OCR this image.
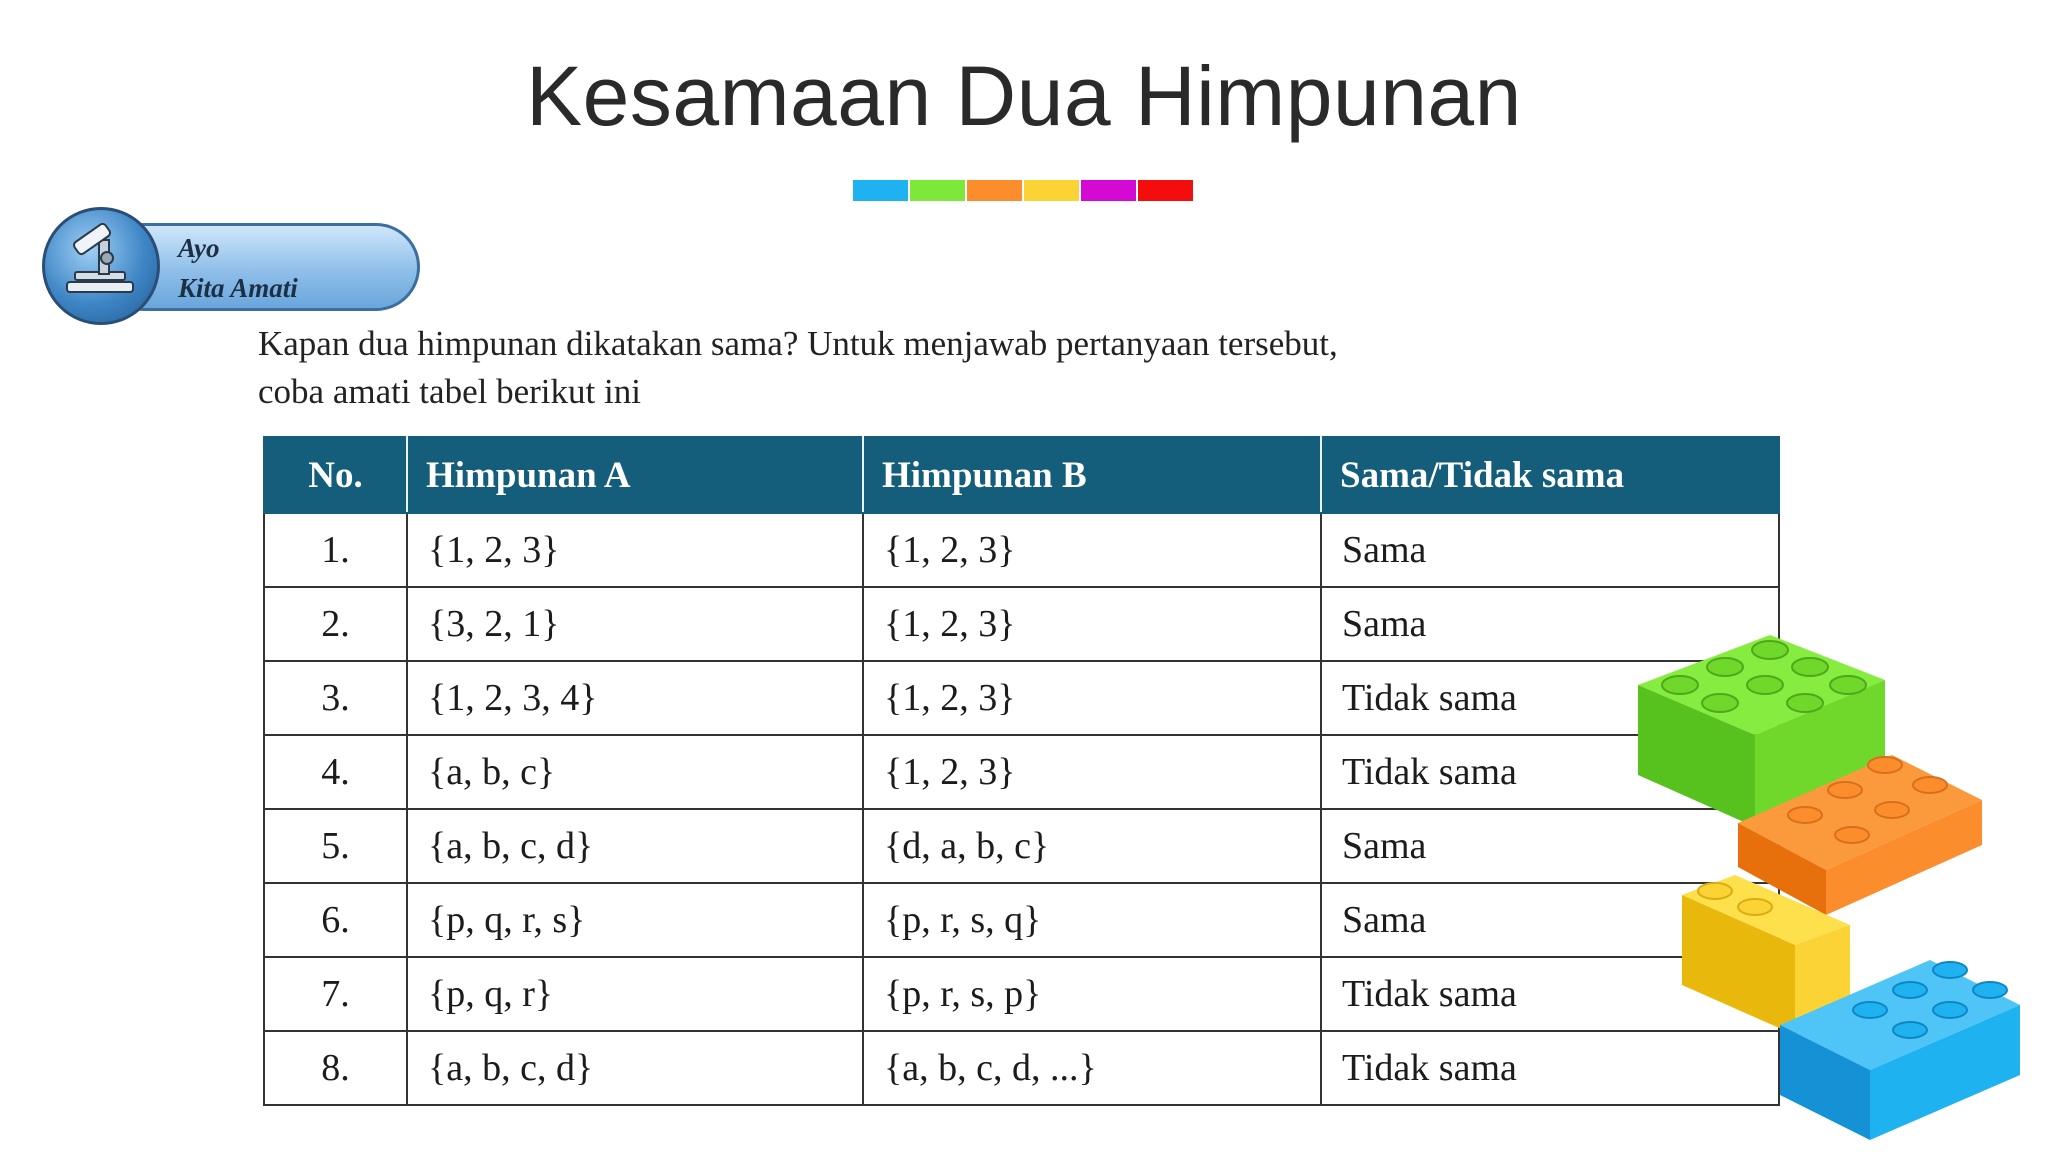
Kesamaan Dua Himpunan
Ayo
Kita Amati
Kapan dua himpunan dikatakan sama? Untuk menjawab pertanyaan tersebut,
coba amati tabel berikut ini
No.	Himpunan A	Himpunan B	Sama/Tidak sama
1.	{1, 2, 3}	{1, 2, 3}	Sama
2.	{3, 2, 1}	{1, 2, 3}	Sama
3.	{1, 2, 3, 4}	{1, 2, 3}	Tidak sama
4.	{a, b, c}	{1, 2, 3}	Tidak sama
5.	{a, b, c, d}	{d, a, b, c}	Sama
6.	{p, q, r, s}	{p, r, s, q}	Sama
7.	{p, q, r}	{p, r, s, p}	Tidak sama
8.	{a, b, c, d}	{a, b, c, d, ...}	Tidak sama
